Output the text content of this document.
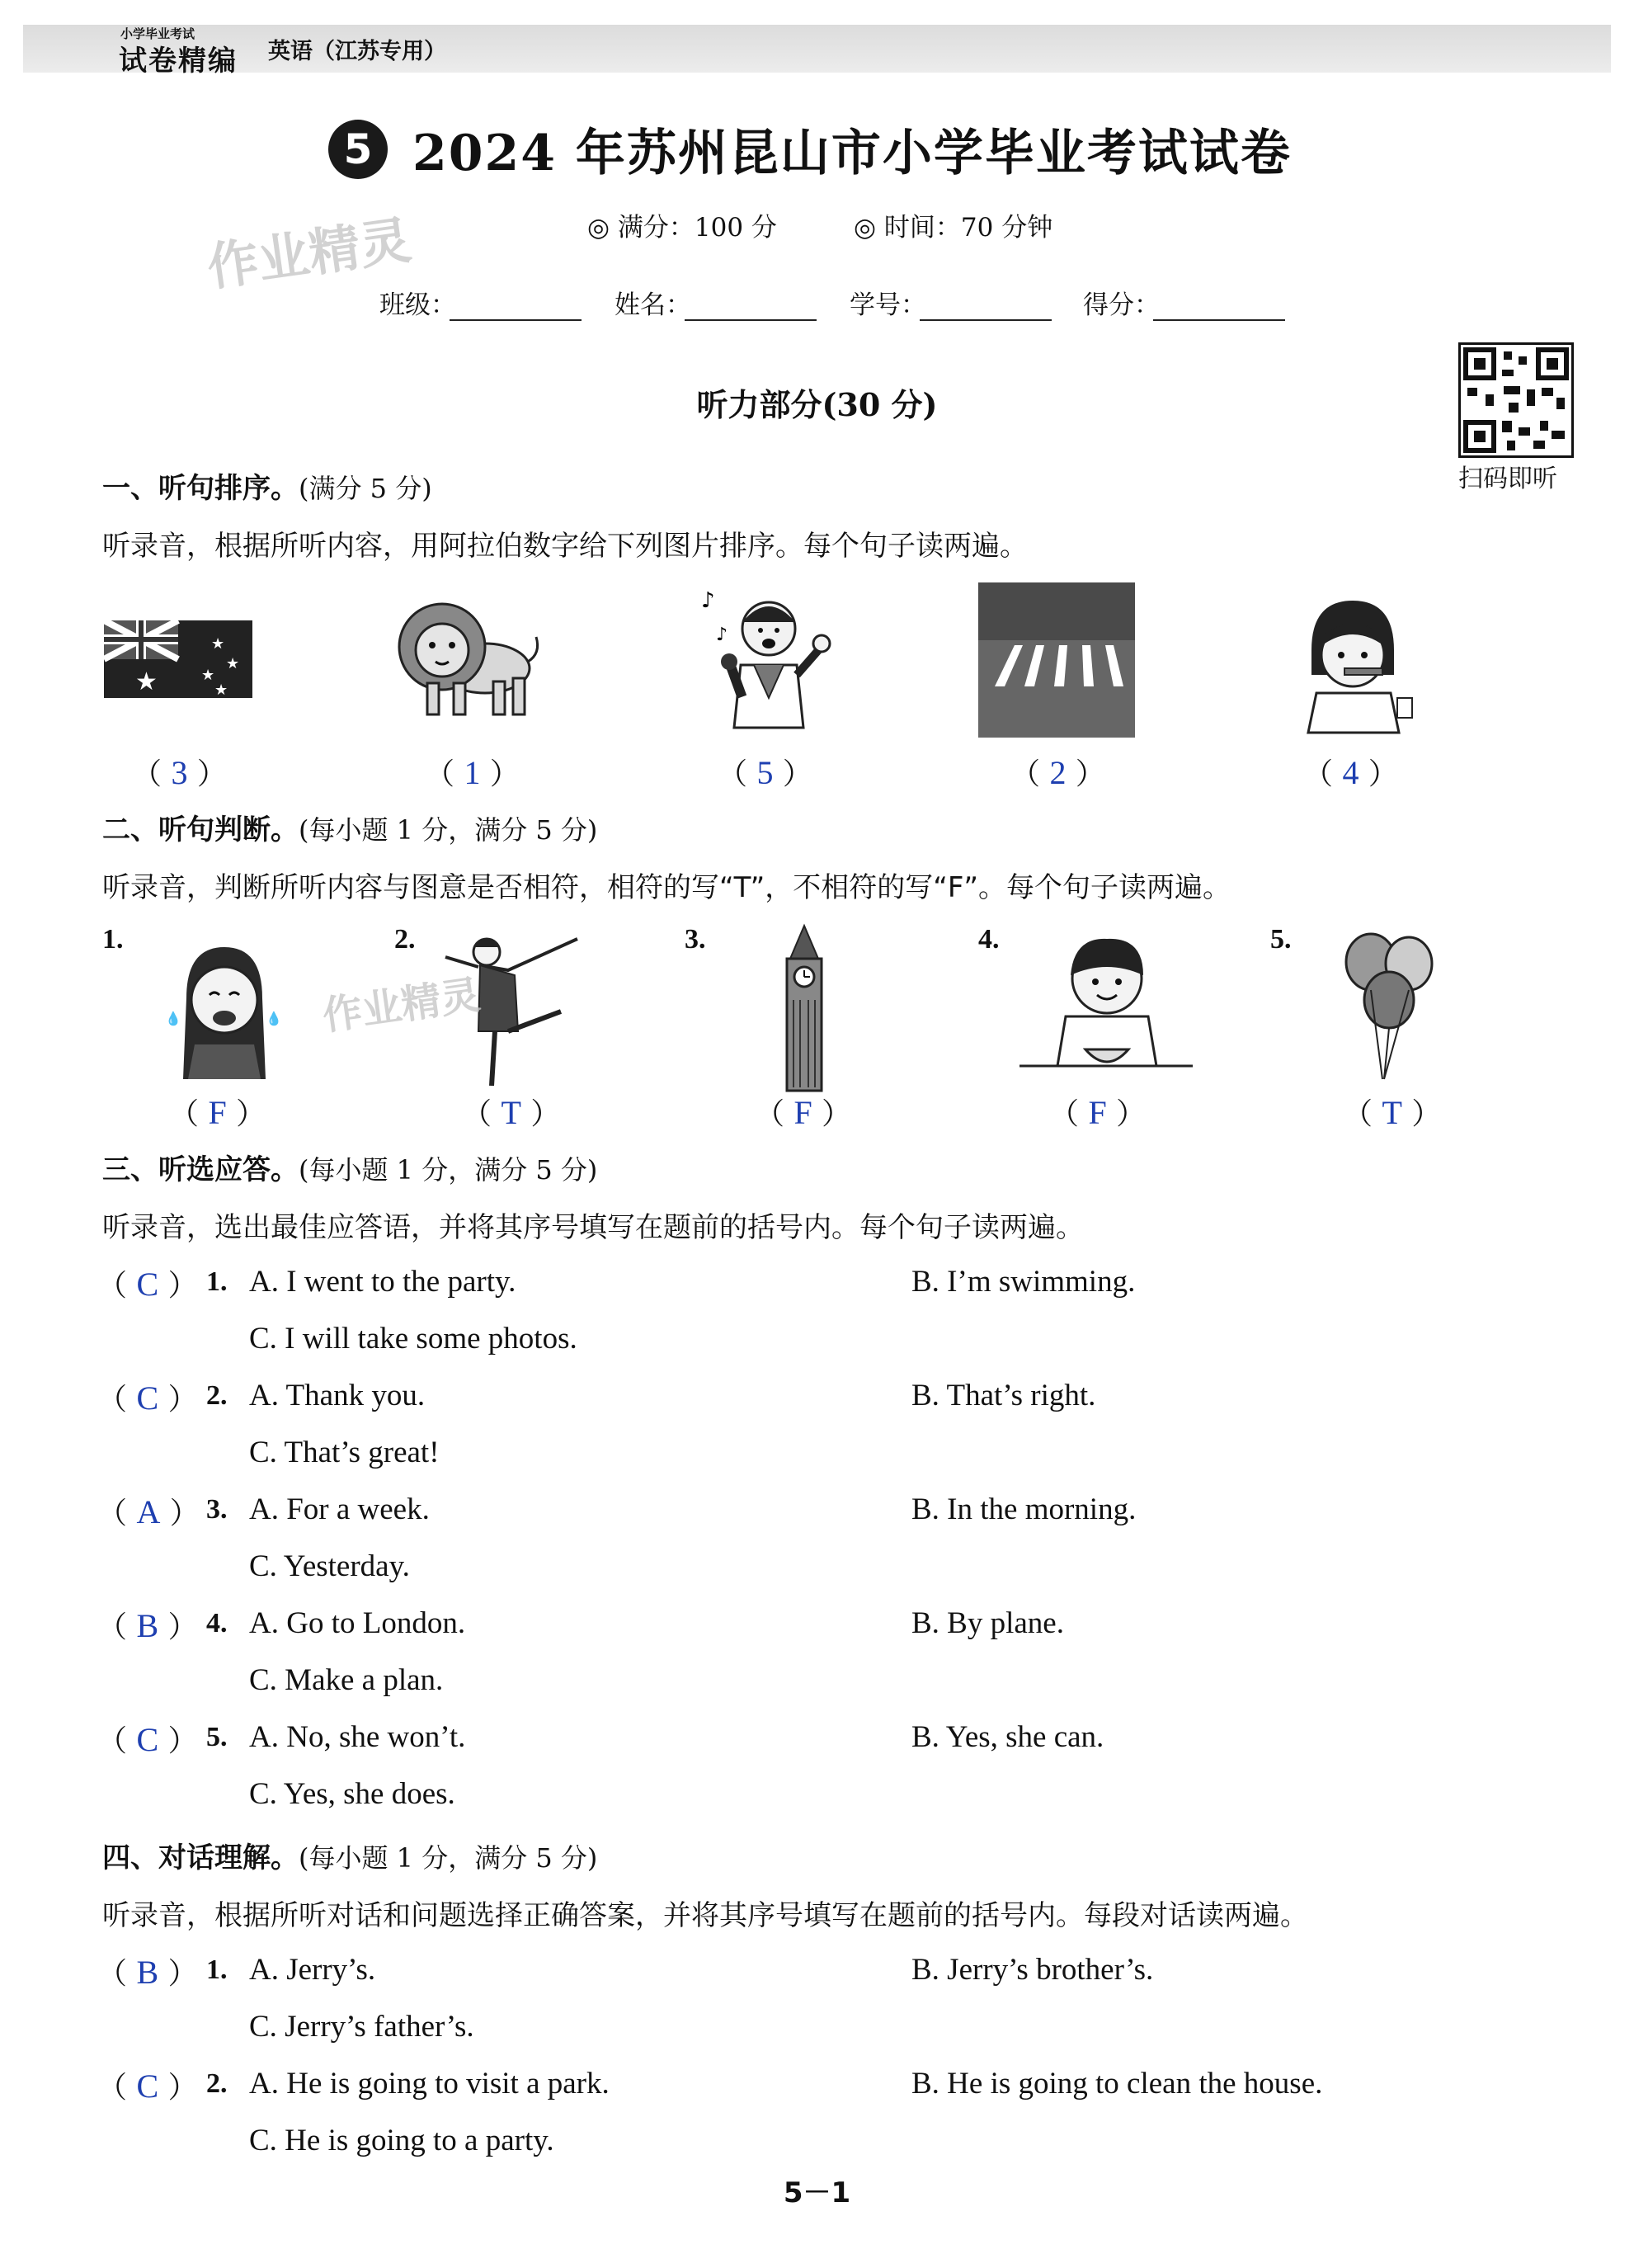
小学毕业考试
试卷精编 英语（江苏专用）
5 2024 年苏州昆山市小学毕业考试试卷
◎ 满分：100 分	◎ 时间：70 分钟
作业精灵
班级：	姓名：	学号：	得分：
扫码即听
听力部分(30 分)
一、听句排序。(满分 5 分)
听录音，根据所听内容，用阿拉伯数字给下列图片排序。每个句子读两遍。
★
★
★
★
★
♪
♪
（ 3 ）	（ 1 ）	（ 5 ）	（ 2 ）	（ 4 ）
二、听句判断。(每小题 1 分，满分 5 分)
听录音，判断所听内容与图意是否相符，相符的写“T”，不相符的写“F”。每个句子读两遍。
1.	2.	3.	4.	5.
💧	💧 作业精灵
（ F ）	（ T ）	（ F ）	（ F ）	（ T ）
三、听选应答。(每小题 1 分，满分 5 分)
听录音，选出最佳应答语，并将其序号填写在题前的括号内。每个句子读两遍。
（ C ） 1. A. I went to the party.	B. I’m swimming.
C. I will take some photos.
（ C ） 2. A. Thank you.	B. That’s right.
C. That’s great!
（ A ） 3. A. For a week.	B. In the morning.
C. Yesterday.
（ B ） 4. A. Go to London.	B. By plane.
C. Make a plan.
（ C ） 5. A. No, she won’t.	B. Yes, she can.
C. Yes, she does.
四、对话理解。(每小题 1 分，满分 5 分)
听录音，根据所听对话和问题选择正确答案，并将其序号填写在题前的括号内。每段对话读两遍。
（ B ） 1. A. Jerry’s.	B. Jerry’s brother’s.
C. Jerry’s father’s.
（ C ） 2. A. He is going to visit a park.	B. He is going to clean the house.
C. He is going to a party.
5－1
